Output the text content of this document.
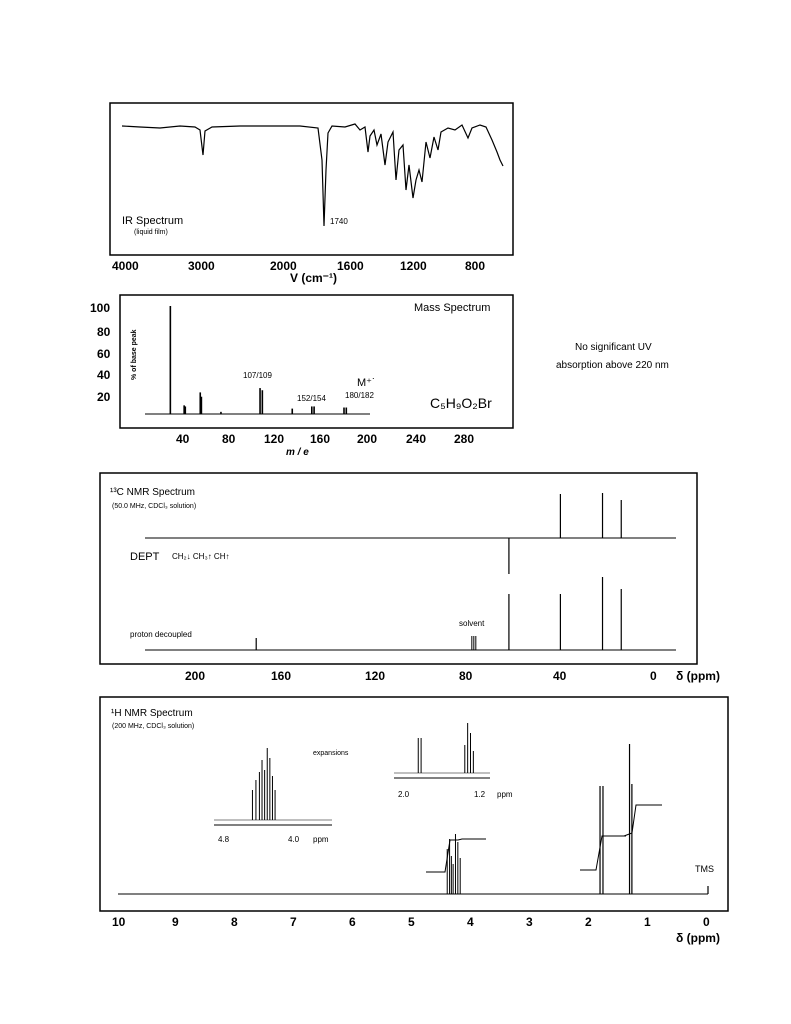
1740
IR Spectrum
(liquid film)
4000	3000	2000	1600	1200	800
V (cm⁻¹)
Mass Spectrum
100
80
60
40
20
% of base peak	107/109
152/154
M⁺˙
180/182	C₅H₉O₂Br
40	80 120 160 200 240 280
m / e
No significant UV
absorption above 220 nm
¹³C NMR Spectrum
(50.0 MHz, CDCl₃ solution)
DEPT CH₂↓ CH₃↑ CH↑
proton decoupled
solvent
200	160	120	80	40	0 δ (ppm)
¹H NMR Spectrum
(200 MHz, CDCl₃ solution)
expansions
4.8	4.0 ppm
2.0	1.2 ppm
TMS
10	9	8	7	6	5	4	3	2	1	0
δ (ppm)
